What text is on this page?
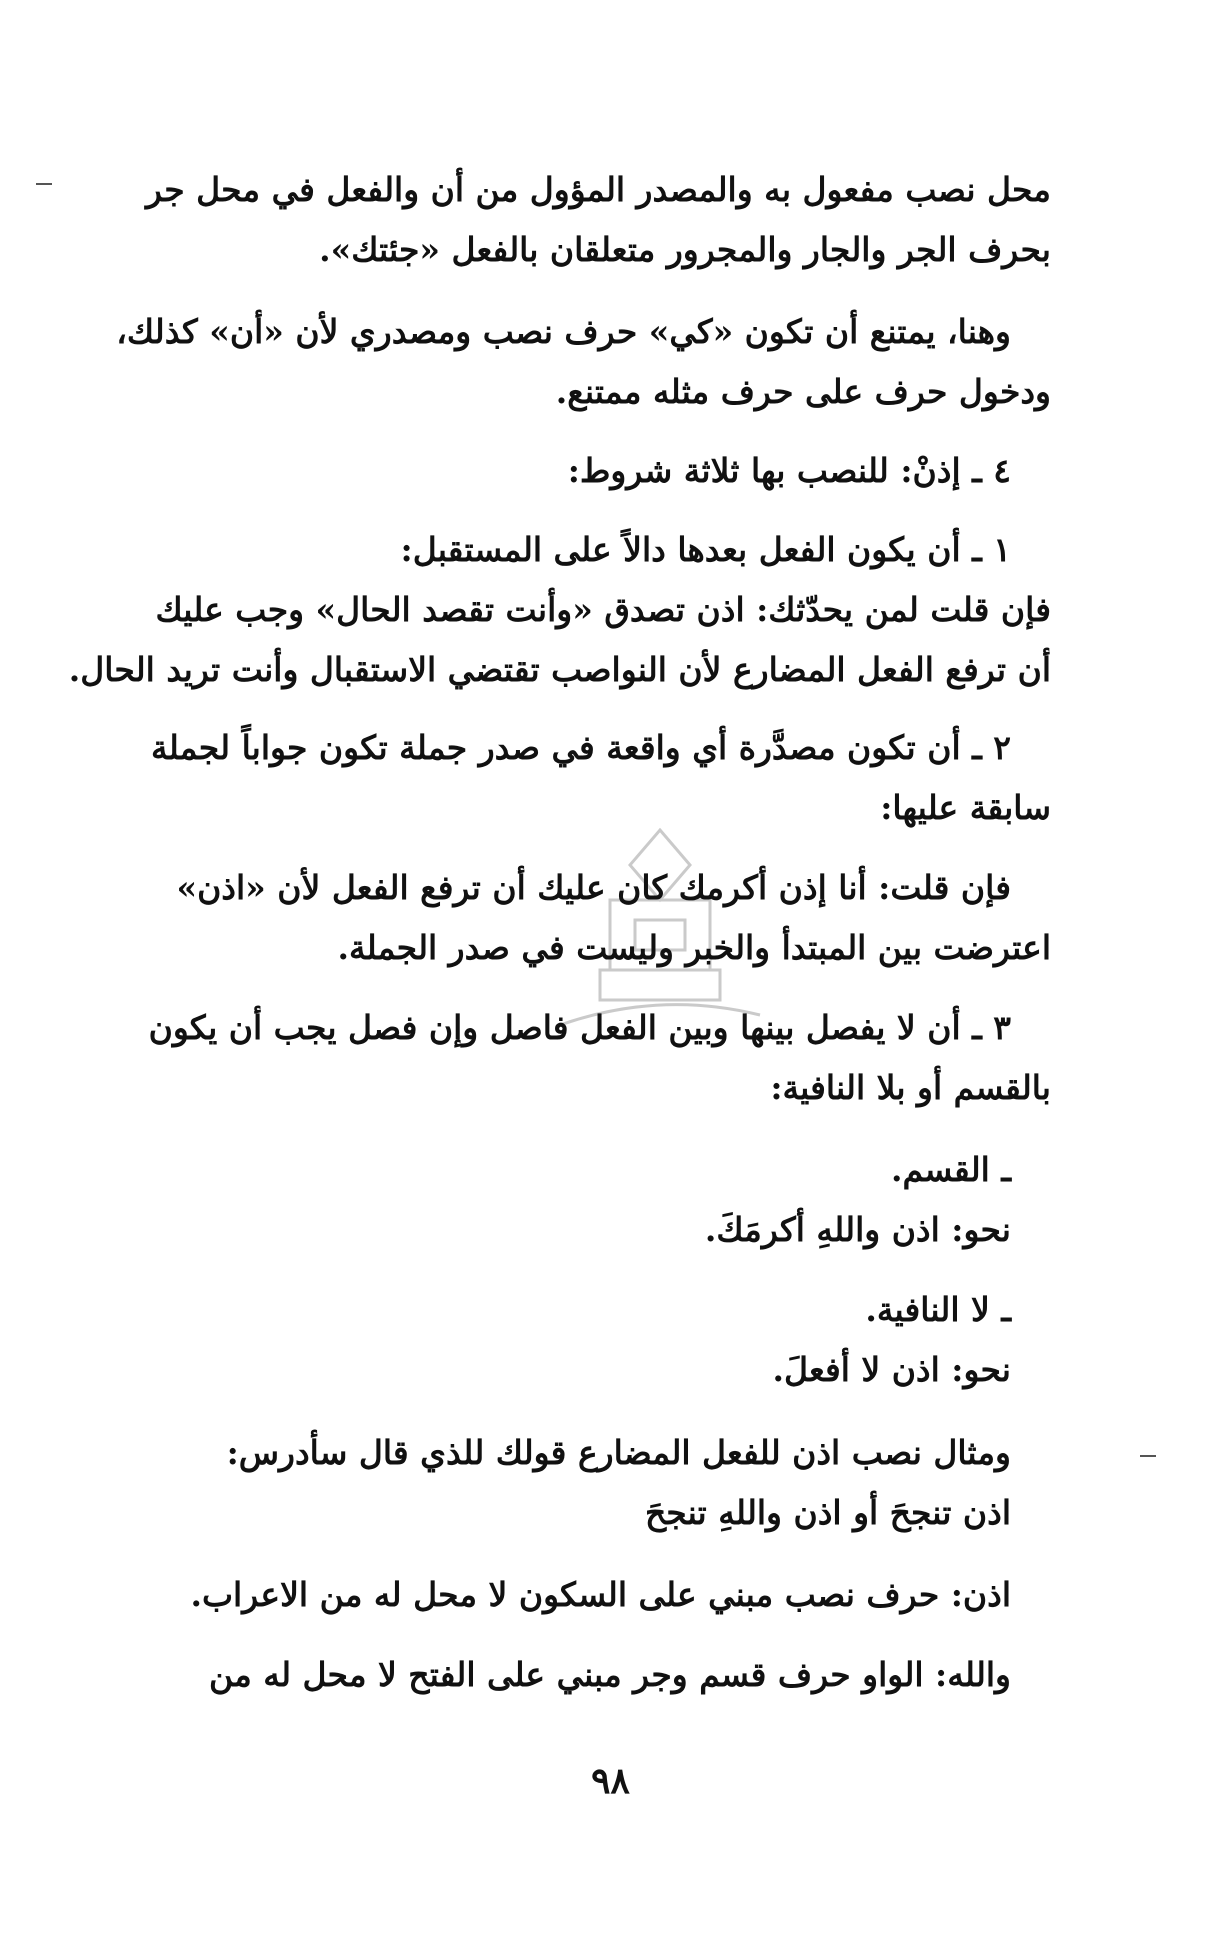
محل نصب مفعول به والمصدر المؤول من أن والفعل في محل جر
بحرف الجر والجار والمجرور متعلقان بالفعل «جئتك».
وهنا، يمتنع أن تكون «كي» حرف نصب ومصدري لأن «أن» كذلك،
ودخول حرف على حرف مثله ممتنع.
٤ ـ إذنْ: للنصب بها ثلاثة شروط:
١ ـ أن يكون الفعل بعدها دالاً على المستقبل:
فإن قلت لمن يحدّثك: اذن تصدق «وأنت تقصد الحال» وجب عليك
أن ترفع الفعل المضارع لأن النواصب تقتضي الاستقبال وأنت تريد الحال.
٢ ـ أن تكون مصدَّرة أي واقعة في صدر جملة تكون جواباً لجملة
سابقة عليها:
فإن قلت: أنا إذن أكرمك كان عليك أن ترفع الفعل لأن «اذن»
اعترضت بين المبتدأ والخبر وليست في صدر الجملة.
٣ ـ أن لا يفصل بينها وبين الفعل فاصل وإن فصل يجب أن يكون
بالقسم أو بلا النافية:
ـ القسم.
نحو: اذن واللهِ أكرمَكَ.
ـ لا النافية.
نحو: اذن لا أفعلَ.
ومثال نصب اذن للفعل المضارع قولك للذي قال سأدرس:
اذن تنجحَ أو اذن واللهِ تنجحَ
اذن: حرف نصب مبني على السكون لا محل له من الاعراب.
والله: الواو حرف قسم وجر مبني على الفتح لا محل له من
٩٨
